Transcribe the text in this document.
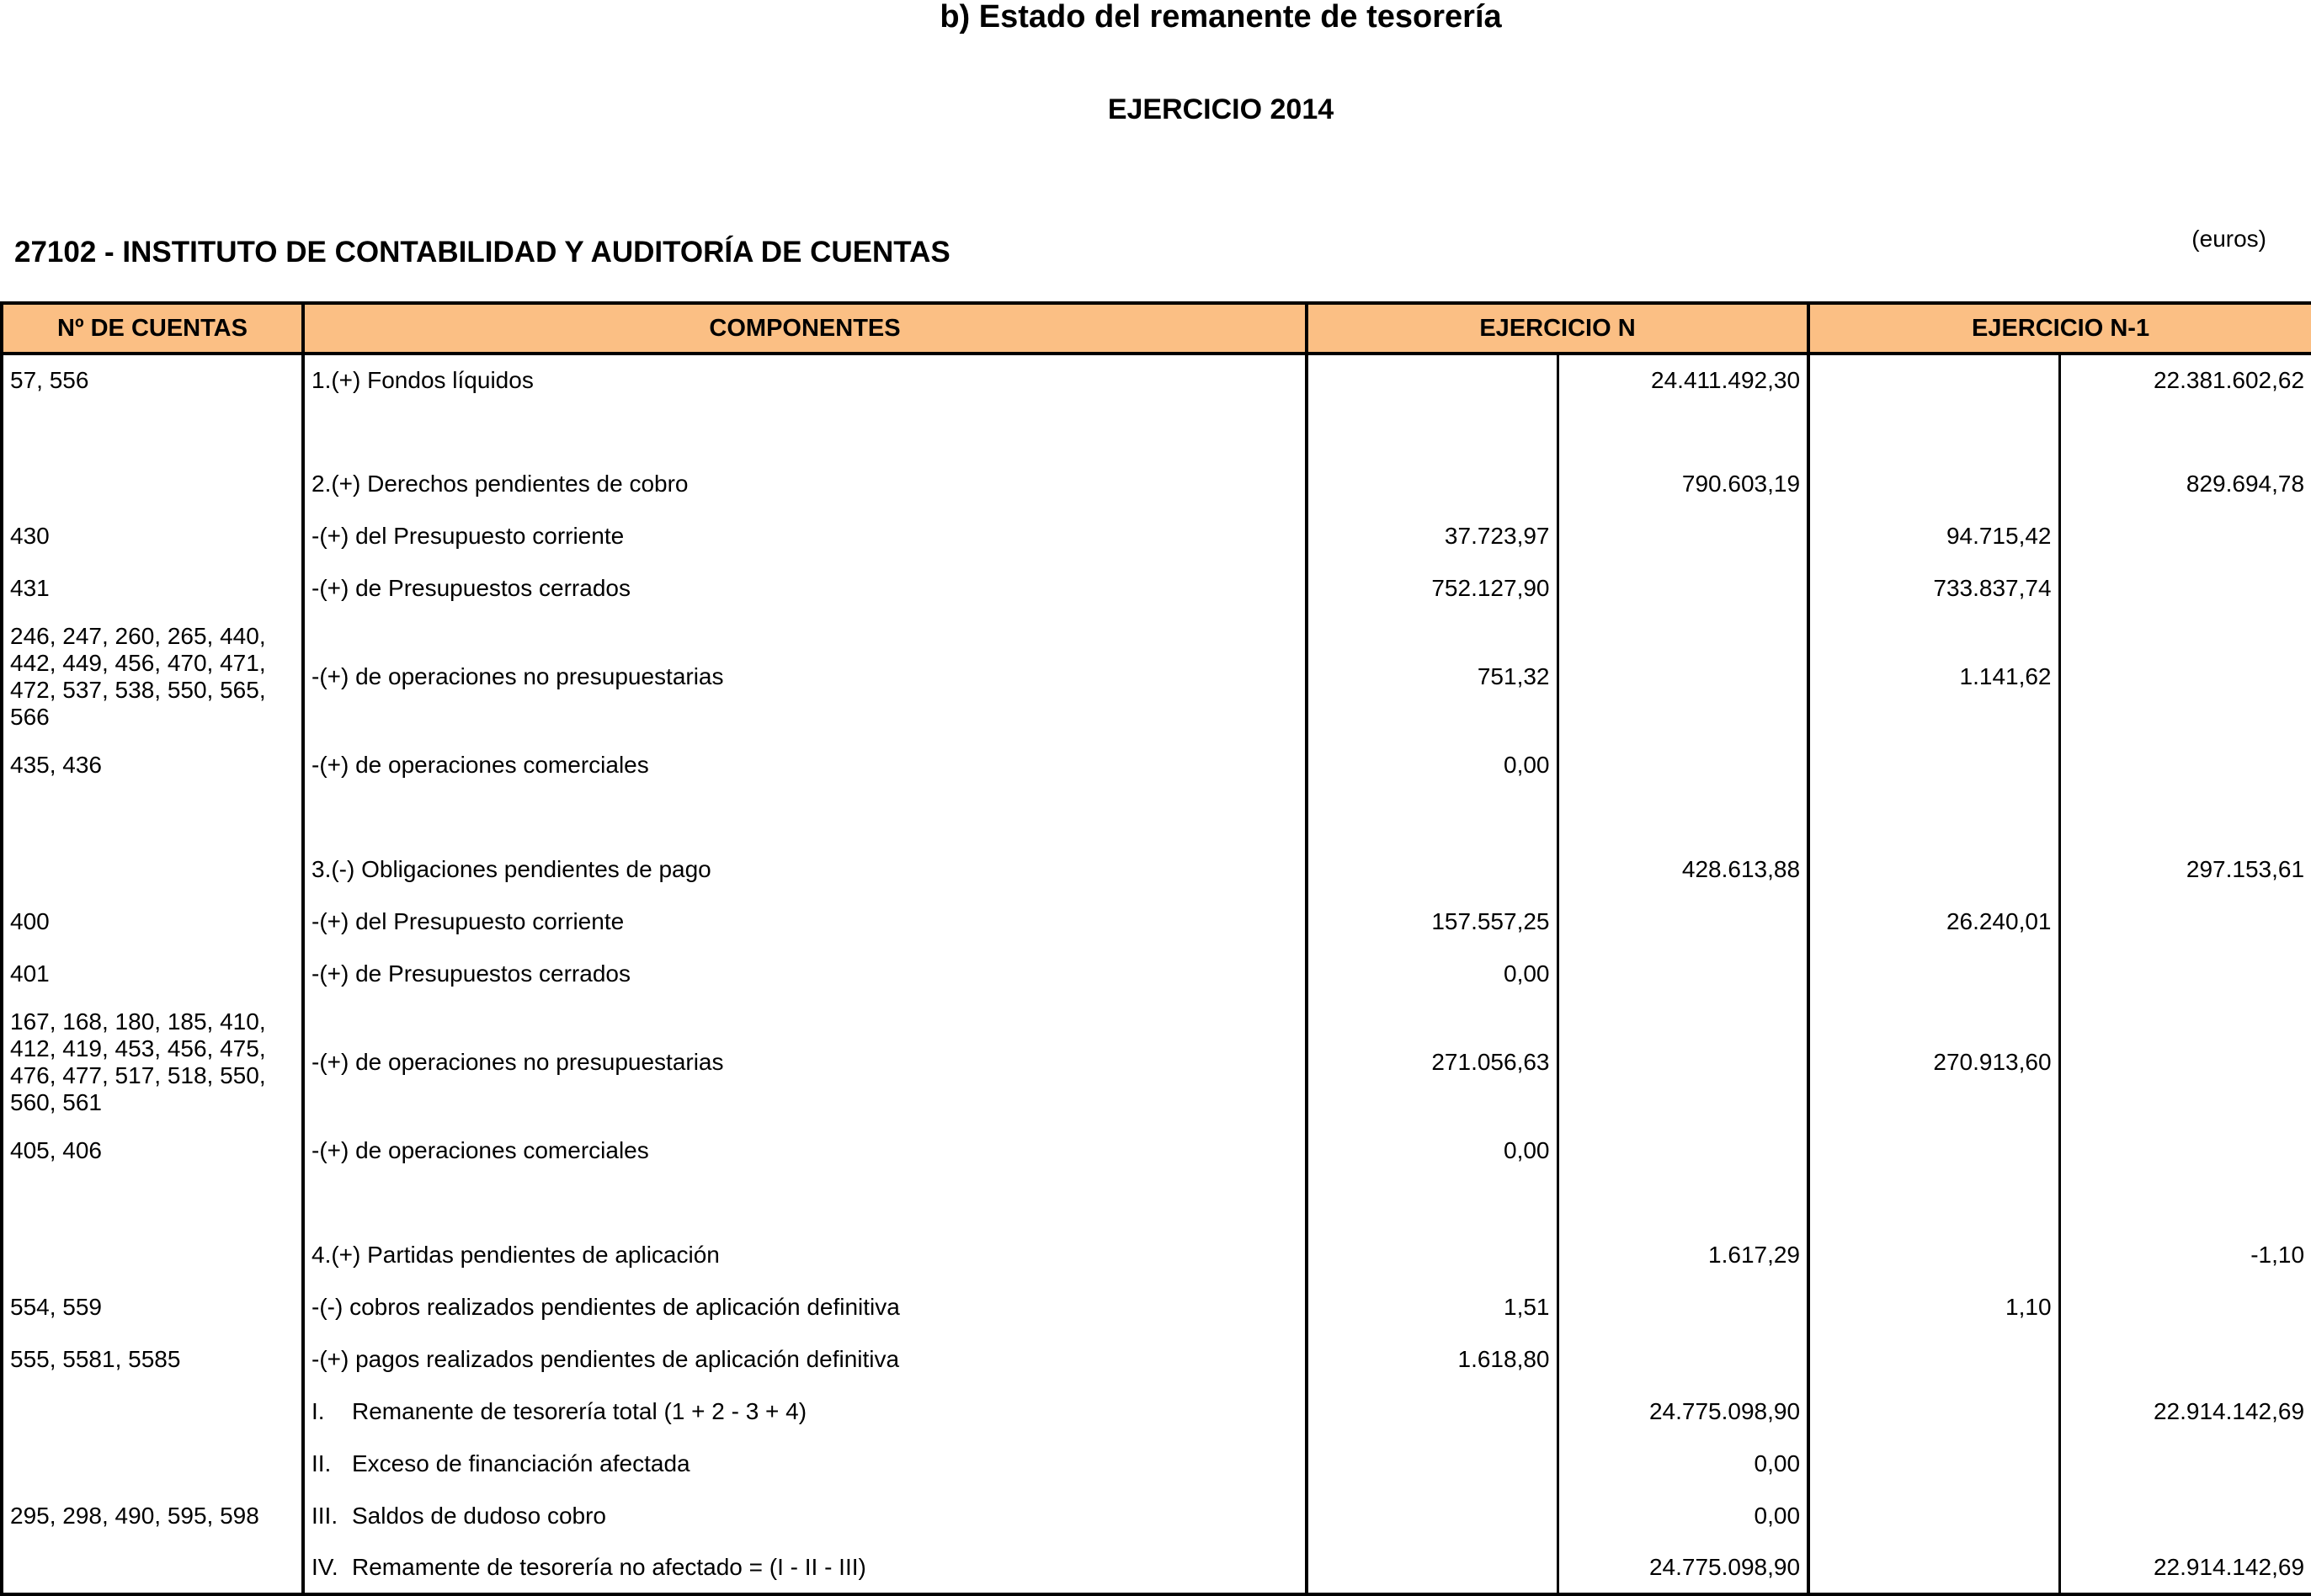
b) Estado del remanente de tesorería
EJERCICIO 2014
27102 - INSTITUTO DE CONTABILIDAD Y AUDITORÍA DE CUENTAS	(euros)
Nº DE CUENTAS	COMPONENTES	EJERCICIO N		EJERCICIO N-1	
57, 556	1.(+) Fondos líquidos		24.411.492,30		22.381.602,62

	2.(+) Derechos pendientes de cobro		790.603,19		829.694,78
430	-(+) del Presupuesto corriente	37.723,97		94.715,42	
431	-(+) de Presupuestos cerrados	752.127,90		733.837,74	
246, 247, 260, 265, 440,
442, 449, 456, 470, 471,
472, 537, 538, 550, 565,
566	-(+) de operaciones no presupuestarias	751,32		1.141,62	
435, 436	-(+) de operaciones comerciales	0,00			

	3.(-) Obligaciones pendientes de pago		428.613,88		297.153,61
400	-(+) del Presupuesto corriente	157.557,25		26.240,01	
401	-(+) de Presupuestos cerrados	0,00			
167, 168, 180, 185, 410,
412, 419, 453, 456, 475,
476, 477, 517, 518, 550,
560, 561	-(+) de operaciones no presupuestarias	271.056,63		270.913,60	
405, 406	-(+) de operaciones comerciales	0,00			

	4.(+) Partidas pendientes de aplicación		1.617,29		-1,10
554, 559	-(-) cobros realizados pendientes de aplicación definitiva	1,51		1,10	
555, 5581, 5585	-(+) pagos realizados pendientes de aplicación definitiva	1.618,80			
	I. Remanente de tesorería total (1 + 2 - 3 + 4)		24.775.098,90		22.914.142,69
	II. Exceso de financiación afectada		0,00		
295, 298, 490, 595, 598	III. Saldos de dudoso cobro		0,00		
	IV. Remamente de tesorería no afectado = (I - II - III)		24.775.098,90		22.914.142,69
